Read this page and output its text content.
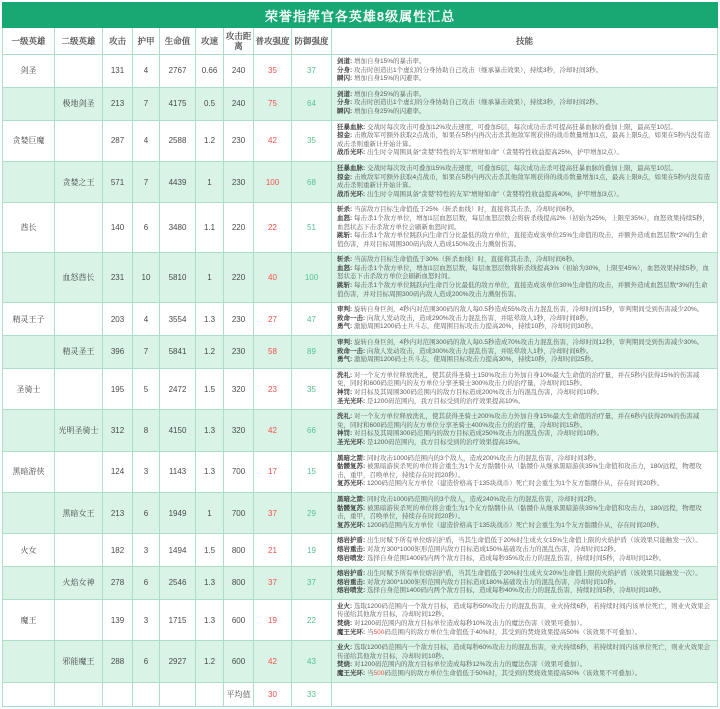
荣誉指挥官各英雄8级属性汇总									
一级英雄	二级英雄	攻击	护甲	生命值	攻速	攻击距离	普攻强度	防御强度	技能
剑圣		131	4	2767	0.66	240	35	37	剑道: 增加自身15%的暴击率。
分身: 攻击时创造出1个虚幻的分身协助自己攻击（继承暴击效果），持续3秒，冷却时间3秒。
瞬闪: 增加自身15%的闪避率。

	极地剑圣	213	7	4175	0.5	240	75	64	剑道: 增加自身25%的暴击率。
分身: 攻击时创造出1个虚幻的分身协助自己攻击（继承暴击效果），持续3秒，冷却时间2秒。
瞬闪: 增加自身25%的闪避率。

贪婪巨魔		287	4	2588	1.2	230	42	35	狂暴血脉: 交战时每次攻击可叠加12%攻击速度，可叠加5层，每次成功击杀可提高狂暴血脉的叠加上限，最高至10层。
掠金: 击败敌军可额外获取2点战币，如果在5秒内再次击杀其他敌军则获得的战币数量增加1点，最高上限5点，如果在5秒内没有造成击杀则重新计开始计算。
战币光环: 出生时令周围具备“贪婪”特性的友军“增财如命”（贪婪特性收益提高25%，护甲增加2点）。

	贪婪之王	571	7	4439	1	230	100	68	狂暴血脉: 交战时每次攻击可叠加15%攻击速度，可叠加5层，每次成功击杀可提高狂暴血脉的叠加上限，最高至10层。
掠金: 击败敌军可额外获取4点战币，如果在5秒内再次击杀其他敌军则获得的战币数量增加1点，最高上限8点，如果在5秒内没有造成击杀则重新计开始计算。
战币光环: 出生时令周围具备“贪婪”特性的友军“增财如命”（贪婪特性收益提高40%，护甲增加3点）。

酋长		140	6	3480	1.1	220	22	51	斩杀: 当前敌方目标生命值低于25%（斩杀血线）时，直接将其击杀，冷却时间6秒。
血怒: 每击杀1个敌方单位，增加1层血怒层数，每层血怒层数会将斩杀线提高2%（初始为25%，上限至35%），血怒效果持续5秒，血怒状态下击杀敌方单位会刷新血怒时间。
跳斩: 每击杀1个敌方单位跳跃向生命百分比最低的敌方单位，直接造成该单位25%生命值的攻击，并额外造成血怒层数*2%的生命值伤害，并对目标周围300码内敌人造成150%攻击力溅射伤害。

	血怒酋长	231	10	5810	1	220	40	100	斩杀: 当前敌方目标生命值低于30%（斩杀血线）时，直接将其击杀，冷却时间6秒。
血怒: 每击杀1个敌方单位，增加1层血怒层数，每层血怒层数将斩杀线提高3%（初始为30%，上限至45%），血怒效果持续5秒，血怒状态下击杀敌方单位会刷新血怒时间。
跳斩: 每击杀1个敌方单位跳跃向生命百分比最低的敌方单位，直接造成该单位30%生命值的攻击，并额外造成血怒层数*3%的生命值伤害，并对目标周围300码内敌人造成200%攻击力溅射伤害。

精灵王子		203	4	3554	1.3	230	27	47	审判: 旋转自身巨剑，4秒内对范围300码的敌人每0.5秒造成55%攻击力混乱伤害，冷却时间15秒，审判期间受到伤害减少20%。
致命一击: 向敌人发动攻击，造成290%攻击力混乱伤害，并眩晕敌人1秒，冷却时间8秒。
勇气: 激励周围1200码士兵斗志，使周围目标攻击力提高20%，持续10秒，冷却时间30秒。

	精灵圣王	396	7	5841	1.2	230	58	89	审判: 旋转自身巨剑，4秒内对范围300码的敌人每0.5秒造成70%攻击力混乱伤害，冷却时间12秒，审判期间受到伤害减少30%。
致命一击: 向敌人发动攻击，造成300%攻击力混乱伤害，并眩晕敌人1秒，冷却时间6秒。
勇气: 激励周围1200码士兵斗志，使周围目标攻击力提高30%，持续10秒，冷却时间25秒。

圣骑士		195	5	2472	1.5	320	23	35	洗礼: 对一个友方单位释放洗礼，使其获得圣骑士150%攻击力外加自身10%最大生命值的治疗量，并在5秒内获得15%的伤害减免，同时和600码范围内的友方单位分享圣骑士300%攻击力的治疗量，冷却时间15秒。
神罚: 对目标及其周围300码范围内的敌方目标造成200%攻击力的混乱伤害，冷却时间10秒。
圣光光环: 是1200码范围内，我方目标受到的治疗效果提高10%。

	光明圣骑士	312	8	4150	1.3	320	42	66	洗礼: 对一个友方单位释放洗礼，使其获得圣骑士200%攻击力外加自身15%最大生命值的治疗量，并在6秒内获得20%的伤害减免，同时和600码范围内的友方单位分享圣骑士400%攻击力的治疗量，冷却时间15秒。
神罚: 对目标及其周围300码范围内的敌方目标造成250%攻击力的混乱伤害，冷却时间10秒。
圣光光环: 是1200码范围内，我方目标受到的治疗效果提高15%。

黑暗游侠		124	3	1143	1.3	700	17	15	黑暗之箭: 同时攻击1000码范围内的3个敌人，造成200%攻击力的混乱伤害，冷却时间3秒。
骷髅复苏: 被黑暗游侠杀死的单位将会重生为1个友方骷髅仆从（骷髅仆从继承黑暗游侠35%生命值和攻击力，180/远程，物理攻击，重甲，召唤单位，持续存在时间20秒）。
复苏光环: 1200码范围内友方单位（建造价格高于135块战币）死亡时会重生为1个友方骷髅仆从，存在时间20秒。

	黑暗女王	213	6	1949	1	700	37	29	黑暗之箭: 同时攻击1000码范围内的3个敌人，造成240%攻击力的混乱伤害，冷却时间2秒。
骷髅复苏: 被黑暗游侠杀死的单位将会重生为1个友方骷髅仆从（骷髅仆从继承黑暗游侠35%生命值和攻击力，180/远程，物理攻击，重甲，召唤单位，持续存在时间20秒）。
复苏光环: 1200码范围内友方单位（建造价格高于135块战币）死亡时会重生为1个友方骷髅仆从，存在时间20秒。

火女		182	3	1494	1.5	800	21	19	熔岩护盾: 出生时赋予所有单位熔岩护盾，当其生命值低于20%时生成火女15%生命值上限的火焰护盾（该效果只能触发一次）。
熔岩重击: 对敌方300*1000矩形范围内敌方目标造成150%基础攻击力的混乱伤害，冷却时间12秒。
熔岩喷发: 选择自身范围1400码内两个敌方目标，造成每秒35%攻击力的混乱伤害，持续时间5秒，冷却时间12秒。

	火焰女神	278	6	2546	1.3	800	37	37	熔岩护盾: 出生时赋予所有单位熔岩护盾，当其生命值低于20%时生成火女20%生命值上限的火焰护盾（该效果只能触发一次）。
熔岩重击: 对敌方300*1000矩形范围内敌方目标造成180%基础攻击力的混乱伤害，冷却时间10秒。
熔岩喷发: 选择自身范围1400码内两个敌方目标，造成每秒40%攻击力的混乱伤害，持续时间5秒，冷却时间10秒。

魔王		139	3	1715	1.3	600	19	22	业火: 选取1200码范围内一个敌方目标，造成每秒50%攻击力的混乱伤害，业火持续6秒，若持续时间内该单位死亡，则业火效果会传递给其他敌方目标，冷却时间12秒。
焚烧: 对1200码范围内的敌方目标单位造成每秒10%攻击力的魔法伤害（效果可叠加）。
魔王光环: 当500码范围内的敌方单位生命值低于40%时，其受到的焚烧效果提高50%（该效果不可叠加）。

	邪能魔王	288	6	2927	1.2	600	42	43	业火: 选取1200码范围内一个敌方目标，造成每秒60%攻击力的混乱伤害，业火持续6秒，若持续时间内该单位死亡，则业火效果会传递给其他敌方目标，冷却时间10秒。
焚烧: 对1200码范围内的敌方目标单位造成每秒12%攻击力的魔法伤害（效果可叠加）。
魔王光环: 当500码范围内的敌方单位生命值低于50%时，其受到的焚烧效果提高50%（该效果不可叠加）。

						平均值	30	33	
